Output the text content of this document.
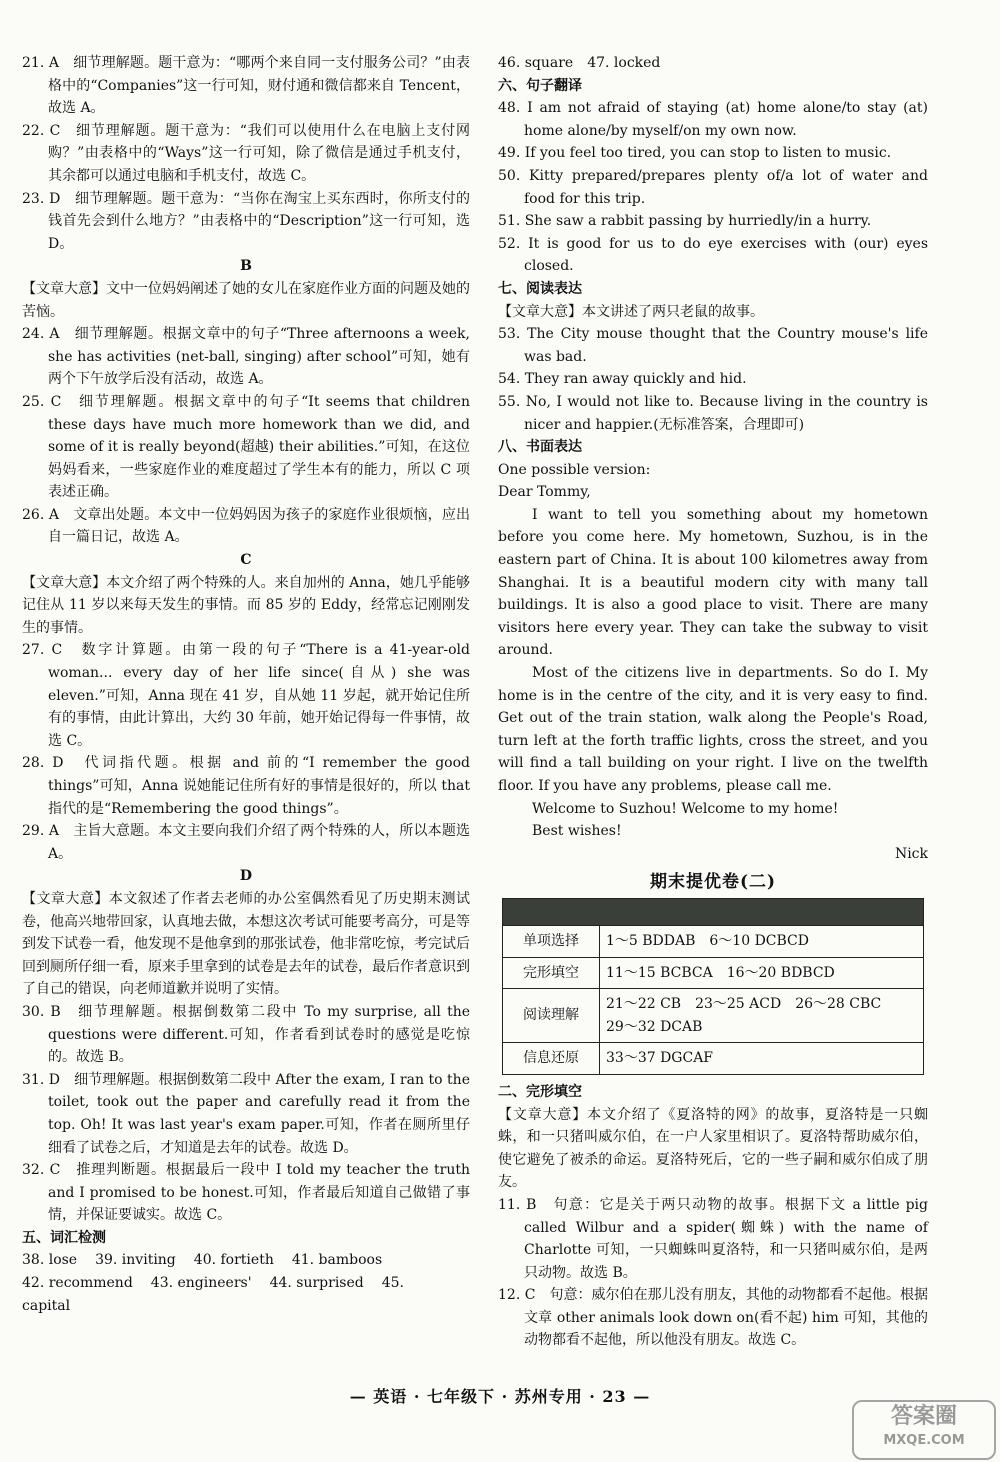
21. A　细节理解题。题干意为：“哪两个来自同一支付服务公司？”由表格中的“Companies”这一行可知，财付通和微信都来自 Tencent，故选 A。
22. C　细节理解题。题干意为：“我们可以使用什么在电脑上支付网购？”由表格中的“Ways”这一行可知，除了微信是通过手机支付，其余都可以通过电脑和手机支付，故选 C。
23. D　细节理解题。题干意为：“当你在淘宝上买东西时，你所支付的钱首先会到什么地方？”由表格中的“Description”这一行可知，选 D。
B
【文章大意】文中一位妈妈阐述了她的女儿在家庭作业方面的问题及她的苦恼。
24. A　细节理解题。根据文章中的句子“Three afternoons a week, she has activities (net-ball, singing) after school”可知，她有两个下午放学后没有活动，故选 A。
25. C　细节理解题。根据文章中的句子“It seems that children these days have much more homework than we did, and some of it is really beyond(超越) their abilities.”可知，在这位妈妈看来，一些家庭作业的难度超过了学生本有的能力，所以 C 项表述正确。
26. A　文章出处题。本文中一位妈妈因为孩子的家庭作业很烦恼，应出自一篇日记，故选 A。
C
【文章大意】本文介绍了两个特殊的人。来自加州的 Anna，她几乎能够记住从 11 岁以来每天发生的事情。而 85 岁的 Eddy，经常忘记刚刚发生的事情。
27. C　数字计算题。由第一段的句子“There is a 41-year-old woman... every day of her life since(自从) she was eleven.”可知，Anna 现在 41 岁，自从她 11 岁起，就开始记住所有的事情，由此计算出，大约 30 年前，她开始记得每一件事情，故选 C。
28. D　代词指代题。根据 and 前的“I remember the good things”可知，Anna 说她能记住所有好的事情是很好的，所以 that 指代的是“Remembering the good things”。
29. A　主旨大意题。本文主要向我们介绍了两个特殊的人，所以本题选 A。
D
【文章大意】本文叙述了作者去老师的办公室偶然看见了历史期末测试卷，他高兴地带回家，认真地去做，本想这次考试可能要考高分，可是等到发下试卷一看，他发现不是他拿到的那张试卷，他非常吃惊，考完试后回到厕所仔细一看，原来手里拿到的试卷是去年的试卷，最后作者意识到了自己的错误，向老师道歉并说明了实情。
30. B　细节理解题。根据倒数第二段中 To my surprise, all the questions were different.可知，作者看到试卷时的感觉是吃惊的。故选 B。
31. D　细节理解题。根据倒数第二段中 After the exam, I ran to the toilet, took out the paper and carefully read it from the top. Oh! It was last year's exam paper.可知，作者在厕所里仔细看了试卷之后，才知道是去年的试卷。故选 D。
32. C　推理判断题。根据最后一段中 I told my teacher the truth and I promised to be honest.可知，作者最后知道自己做错了事情，并保证要诚实。故选 C。
五、词汇检测
38. lose 39. inviting 40. fortieth 41. bamboos
42. recommend 43. engineers' 44. surprised 45. capital
46. square　47. locked
六、句子翻译
48. I am not afraid of staying (at) home alone/to stay (at) home alone/by myself/on my own now.
49. If you feel too tired, you can stop to listen to music.
50. Kitty prepared/prepares plenty of/a lot of water and food for this trip.
51. She saw a rabbit passing by hurriedly/in a hurry.
52. It is good for us to do eye exercises with (our) eyes closed.
七、阅读表达
【文章大意】本文讲述了两只老鼠的故事。
53. The City mouse thought that the Country mouse's life was bad.
54. They ran away quickly and hid.
55. No, I would not like to. Because living in the country is nicer and happier.(无标准答案，合理即可)
八、书面表达
One possible version:
Dear Tommy,
I want to tell you something about my hometown before you come here. My hometown, Suzhou, is in the eastern part of China. It is about 100 kilometres away from Shanghai. It is a beautiful modern city with many tall buildings. It is also a good place to visit. There are many visitors here every year. They can take the subway to visit around.
Most of the citizens live in departments. So do I. My home is in the centre of the city, and it is very easy to find. Get out of the train station, walk along the People's Road, turn left at the forth traffic lights, cross the street, and you will find a tall building on your right. I live on the twelfth floor. If you have any problems, please call me.
Welcome to Suzhou! Welcome to my home!
Best wishes!
Nick
期末提优卷(二)

单项选择	1～5 BDDAB　6～10 DCBCD
完形填空	11～15 BCBCA　16～20 BDBCD
阅读理解	21～22 CB　23～25 ACD　26～28 CBC
29～32 DCAB
信息还原	33～37 DGCAF
二、完形填空
【文章大意】本文介绍了《夏洛特的网》的故事，夏洛特是一只蜘蛛，和一只猪叫威尔伯，在一户人家里相识了。夏洛特帮助威尔伯，使它避免了被杀的命运。夏洛特死后，它的一些子嗣和威尔伯成了朋友。
11. B　句意：它是关于两只动物的故事。根据下文 a little pig called Wilbur and a spider(蜘蛛) with the name of Charlotte 可知，一只蜘蛛叫夏洛特，和一只猪叫威尔伯，是两只动物。故选 B。
12. C　句意：威尔伯在那儿没有朋友，其他的动物都看不起他。根据文章 other animals look down on(看不起) him 可知，其他的动物都看不起他，所以他没有朋友。故选 C。
— 英语 · 七年级下 · 苏州专用 · 23 —
答案圈
MXQE.COM
